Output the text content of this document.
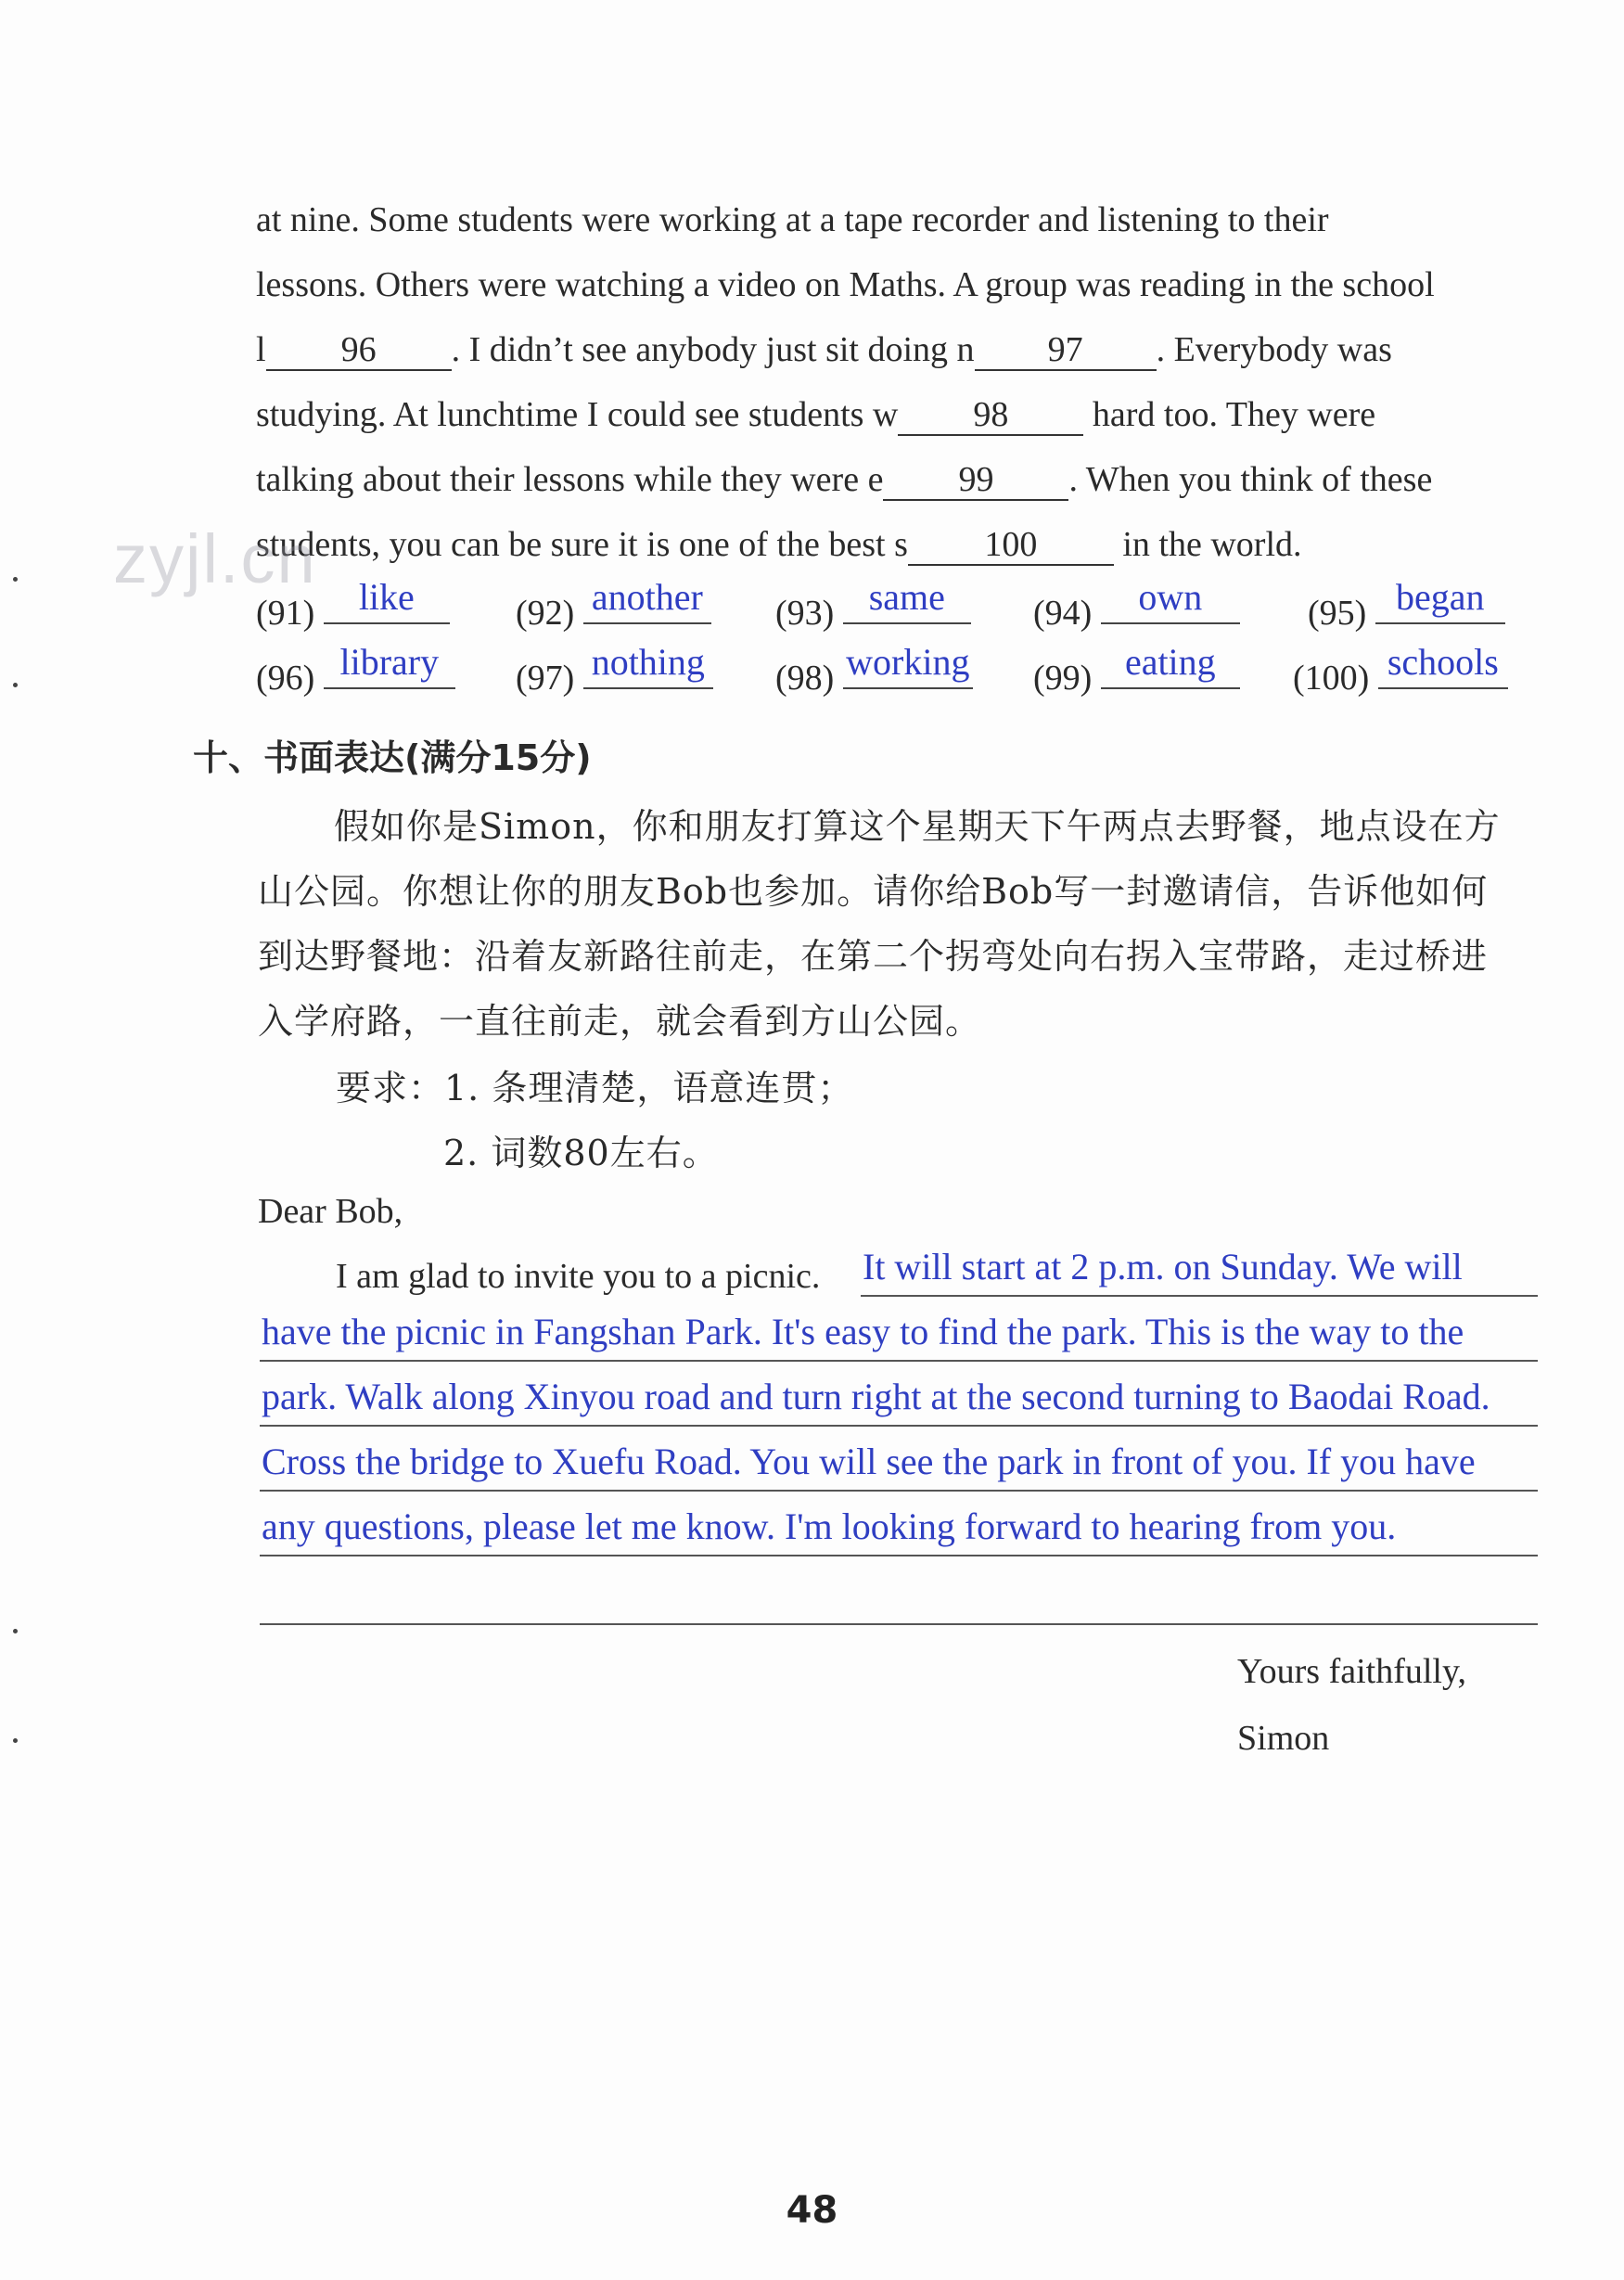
at nine. Some students were working at a tape recorder and listening to their
lessons. Others were watching a video on Maths. A group was reading in the school
l 96 . I didn’t see anybody just sit doing n 97 . Everybody was
studying. At lunchtime I could see students w 98 hard too. They were
talking about their lessons while they were e 99 . When you think of these
students, you can be sure it is one of the best s 100 in the world.
zyjl.cn
(91) like	(92) another (93) same	(94) own	(95) began
(96) library	(97) nothing (98) working (99) eating	(100) schools
十、书面表达(满分15分)
假如你是Simon，你和朋友打算这个星期天下午两点去野餐，地点设在方
山公园。你想让你的朋友Bob也参加。请你给Bob写一封邀请信，告诉他如何
到达野餐地：沿着友新路往前走，在第二个拐弯处向右拐入宝带路，走过桥进
入学府路，一直往前走，就会看到方山公园。
要求：1. 条理清楚，语意连贯；
2. 词数80左右。
Dear Bob,
I am glad to invite you to a picnic. It will start at 2 p.m. on Sunday. We will
have the picnic in Fangshan Park. It's easy to find the park. This is the way to the
park. Walk along Xinyou road and turn right at the second turning to Baodai Road.
Cross the bridge to Xuefu Road. You will see the park in front of you. If you have
any questions, please let me know. I'm looking forward to hearing from you.
Yours faithfully,
Simon
48
